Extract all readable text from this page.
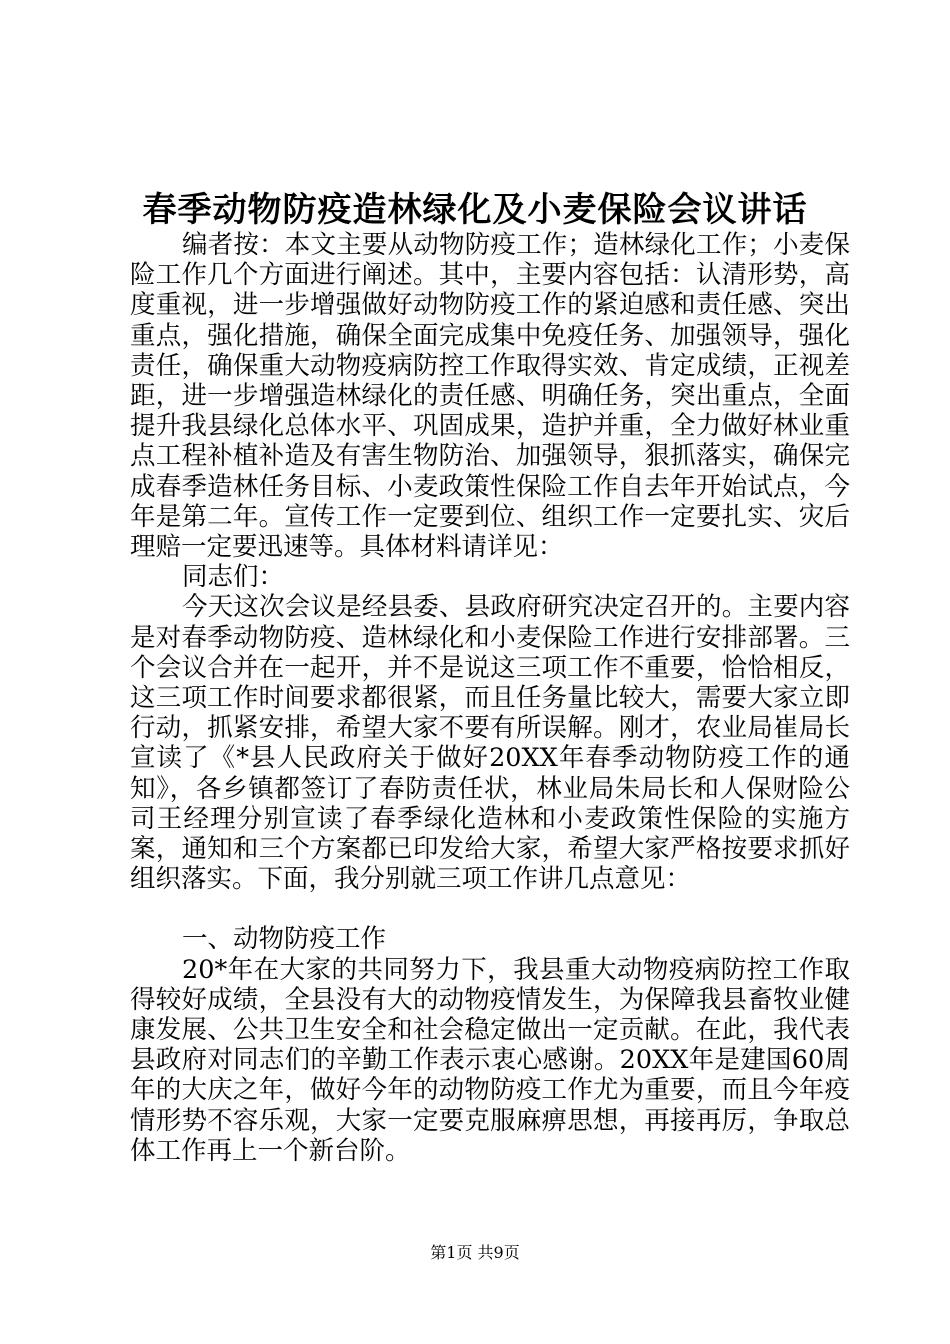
春季动物防疫造林绿化及小麦保险会议讲话

编者按：本文主要从动物防疫工作；造林绿化工作；小麦保险工作几个方面进行阐述。其中，主要内容包括：认清形势，高度重视，进一步增强做好动物防疫工作的紧迫感和责任感、突出重点，强化措施，确保全面完成集中免疫任务、加强领导，强化责任，确保重大动物疫病防控工作取得实效、肯定成绩，正视差距，进一步增强造林绿化的责任感、明确任务，突出重点，全面提升我县绿化总体水平、巩固成果，造护并重，全力做好林业重点工程补植补造及有害生物防治、加强领导，狠抓落实，确保完成春季造林任务目标、小麦政策性保险工作自去年开始试点，今年是第二年。宣传工作一定要到位、组织工作一定要扎实、灾后理赔一定要迅速等。具体材料请详见：

同志们：

今天这次会议是经县委、县政府研究决定召开的。主要内容是对春季动物防疫、造林绿化和小麦保险工作进行安排部署。三个会议合并在一起开，并不是说这三项工作不重要，恰恰相反，这三项工作时间要求都很紧，而且任务量比较大，需要大家立即行动，抓紧安排，希望大家不要有所误解。刚才，农业局崔局长宣读了《*县人民政府关于做好20XX年春季动物防疫工作的通知》，各乡镇都签订了春防责任状，林业局朱局长和人保财险公司王经理分别宣读了春季绿化造林和小麦政策性保险的实施方案，通知和三个方案都已印发给大家，希望大家严格按要求抓好组织落实。下面，我分别就三项工作讲几点意见：

一、动物防疫工作

20*年在大家的共同努力下，我县重大动物疫病防控工作取得较好成绩，全县没有大的动物疫情发生，为保障我县畜牧业健康发展、公共卫生安全和社会稳定做出一定贡献。在此，我代表县政府对同志们的辛勤工作表示衷心感谢。20XX年是建国60周年的大庆之年，做好今年的动物防疫工作尤为重要，而且今年疫情形势不容乐观，大家一定要克服麻痹思想，再接再厉，争取总体工作再上一个新台阶。

第1页 共9页
